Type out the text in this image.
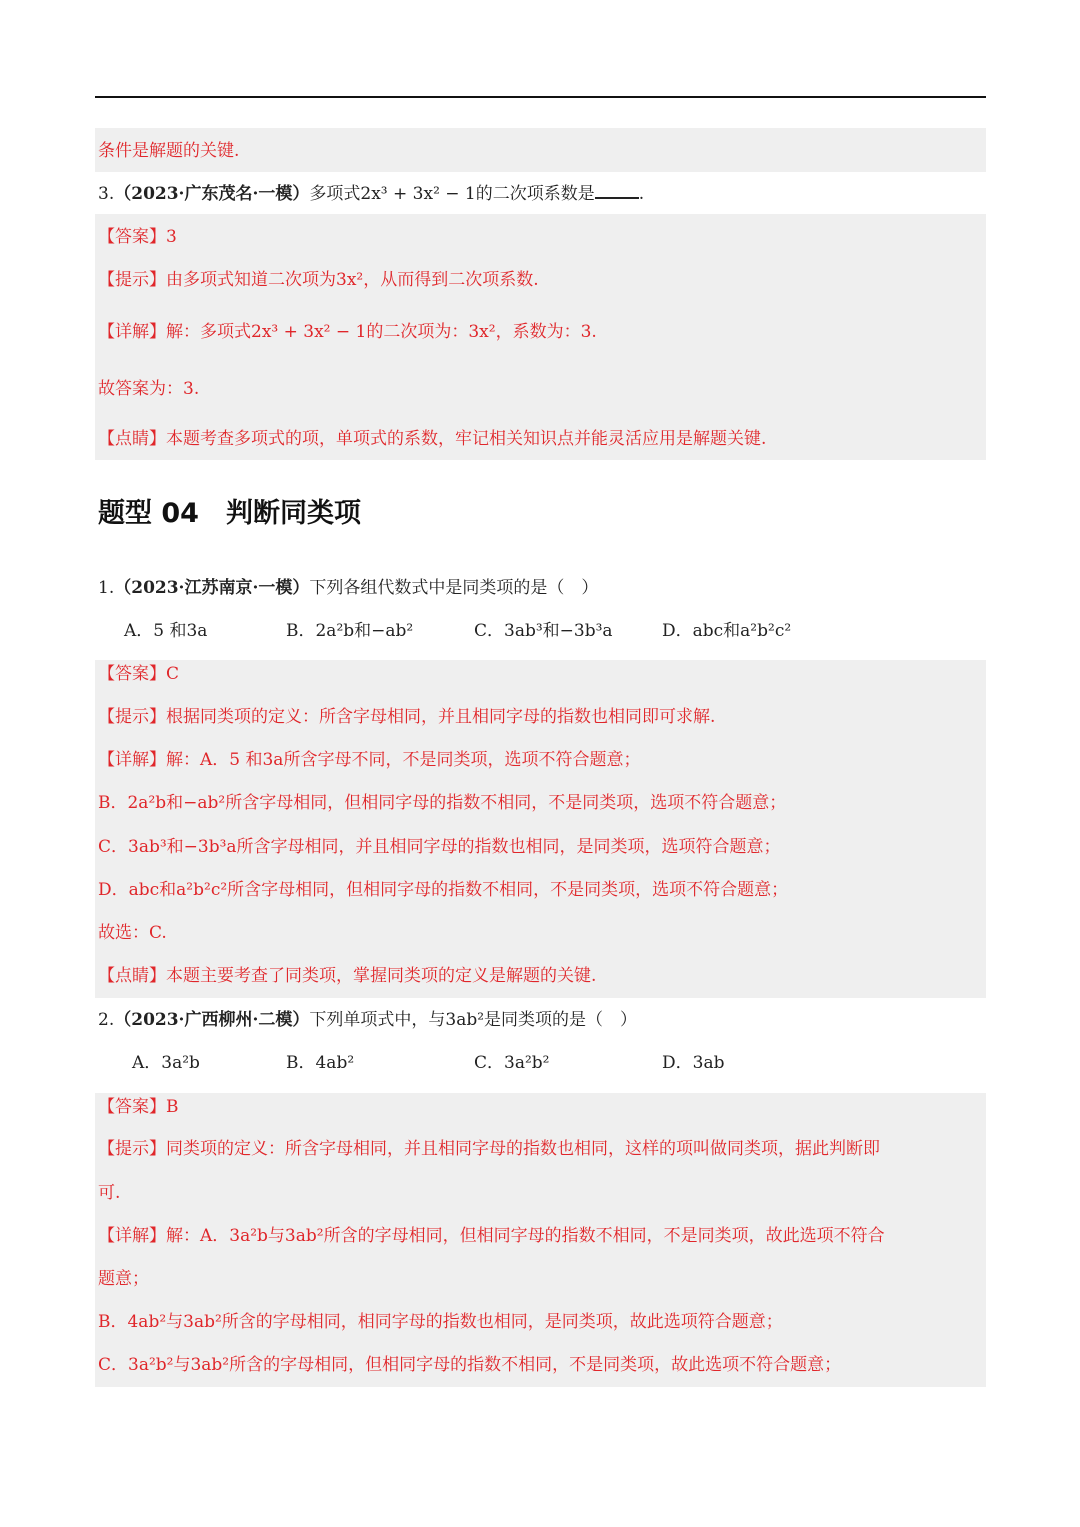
条件是解题的关键.
3.（2023·广东茂名·一模）多项式2x³ + 3x² − 1的二次项系数是	.
【答案】3
【提示】由多项式知道二次项为3x²，从而得到二次项系数.
【详解】解：多项式2x³ + 3x² − 1的二次项为：3x²，系数为：3.
故答案为：3.
【点睛】本题考查多项式的项，单项式的系数，牢记相关知识点并能灵活应用是解题关键.
题型 04　判断同类项
1.（2023·江苏南京·一模）下列各组代数式中是同类项的是（　）
A．5 和3a	B．2a²b和−ab²	C．3ab³和−3b³a	D．abc和a²b²c²
【答案】C
【提示】根据同类项的定义：所含字母相同，并且相同字母的指数也相同即可求解.
【详解】解：A．5 和3a所含字母不同，不是同类项，选项不符合题意；
B．2a²b和−ab²所含字母相同，但相同字母的指数不相同，不是同类项，选项不符合题意；
C．3ab³和−3b³a所含字母相同，并且相同字母的指数也相同，是同类项，选项符合题意；
D．abc和a²b²c²所含字母相同，但相同字母的指数不相同，不是同类项，选项不符合题意；
故选：C.
【点睛】本题主要考查了同类项，掌握同类项的定义是解题的关键.
2.（2023·广西柳州·二模）下列单项式中，与3ab²是同类项的是（　）
A．3a²b	B．4ab²	C．3a²b²	D．3ab
【答案】B
【提示】同类项的定义：所含字母相同，并且相同字母的指数也相同，这样的项叫做同类项，据此判断即
可.
【详解】解：A．3a²b与3ab²所含的字母相同，但相同字母的指数不相同，不是同类项，故此选项不符合
题意；
B．4ab²与3ab²所含的字母相同，相同字母的指数也相同，是同类项，故此选项符合题意；
C．3a²b²与3ab²所含的字母相同，但相同字母的指数不相同，不是同类项，故此选项不符合题意；
